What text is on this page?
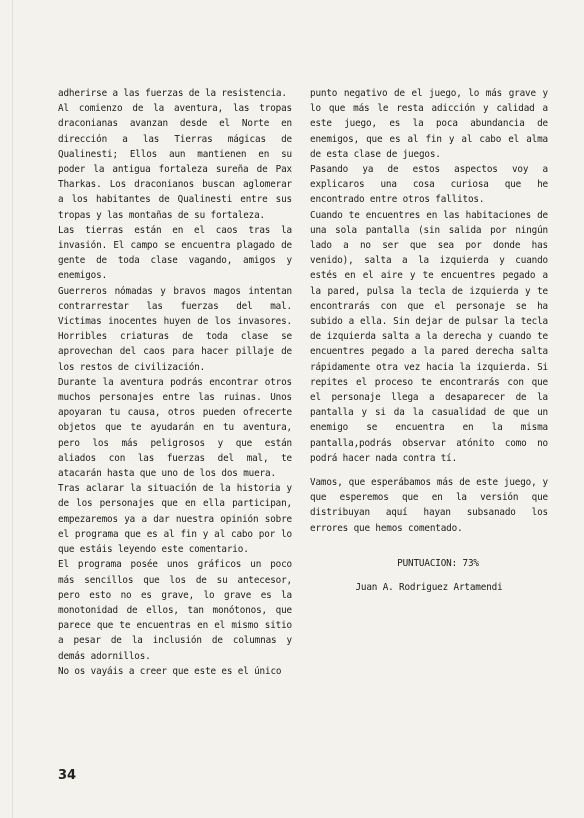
adherirse a las fuerzas de la resistencia.

Al comienzo de la aventura, las tropas draconianas avanzan desde el Norte en dirección a las Tierras mágicas de Qualinesti; Ellos aun mantienen en su poder la antigua fortaleza sureña de Pax Tharkas. Los draconianos buscan aglomerar a los habitantes de Qualinesti entre sus tropas y las montañas de su fortaleza.

Las tierras están en el caos tras la invasión. El campo se encuentra plagado de gente de toda clase vagando, amigos y enemigos.

Guerreros nómadas y bravos magos intentan contrarrestar las fuerzas del mal. Victimas inocentes huyen de los invasores. Horribles criaturas de toda clase se aprovechan del caos para hacer pillaje de los restos de civilización.

Durante la aventura podrás encontrar otros muchos personajes entre las ruinas. Unos apoyaran tu causa, otros pueden ofrecerte objetos que te ayudarán en tu aventura, pero los más peligrosos y que están aliados con las fuerzas del mal, te atacarán hasta que uno de los dos muera.

Tras aclarar la situación de la historia y de los personajes que en ella participan, empezaremos ya a dar nuestra opinión sobre el programa que es al fin y al cabo por lo que estáis leyendo este comentario.

El programa posée unos gráficos un poco más sencillos que los de su antecesor, pero esto no es grave, lo grave es la monotonidad de ellos, tan monótonos, que parece que te encuentras en el mismo sitio a pesar de la inclusión de columnas y demás adornillos.

No os vayáis a creer que este es el único

punto negativo de el juego, lo más grave y lo que más le resta adicción y calidad a este juego, es la poca abundancia de enemigos, que es al fin y al cabo el alma de esta clase de juegos.

Pasando ya de estos aspectos voy a explicaros una cosa curiosa que he encontrado entre otros fallitos.

Cuando te encuentres en las habitaciones de una sola pantalla (sin salida por ningún lado a no ser que sea por donde has venido), salta a la izquierda y cuando estés en el aire y te encuentres pegado a la pared, pulsa la tecla de izquierda y te encontrarás con que el personaje se ha subido a ella. Sin dejar de pulsar la tecla de izquierda salta a la derecha y cuando te encuentres pegado a la pared derecha salta rápidamente otra vez hacia la izquierda. Si repites el proceso te encontrarás con que el personaje llega a desaparecer de la pantalla y si da la casualidad de que un enemigo se encuentra en la misma pantalla,podrás observar atónito como no podrá hacer nada contra tí.

Vamos, que esperábamos más de este juego, y que esperemos que en la versión que distribuyan aquí hayan subsanado los errores que hemos comentado.

PUNTUACION: 73%
Juan A. Rodriguez Artamendi
34
